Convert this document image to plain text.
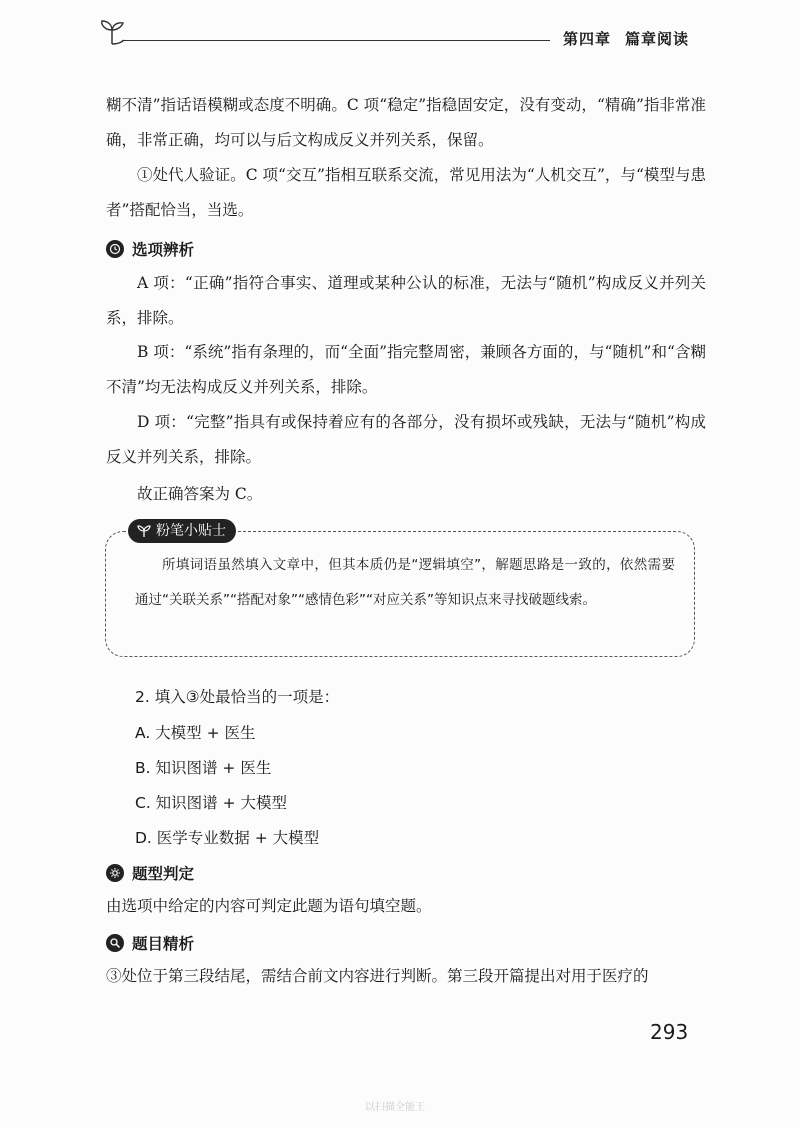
第四章 篇章阅读
糊不清”指话语模糊或态度不明确。C 项“稳定”指稳固安定，没有变动，“精确”指非常准确，非常正确，均可以与后文构成反义并列关系，保留。
①处代人验证。C 项“交互”指相互联系交流，常见用法为“人机交互”，与“模型与患者”搭配恰当，当选。
选项辨析
A 项：“正确”指符合事实、道理或某种公认的标准，无法与“随机”构成反义并列关系，排除。
B 项：“系统”指有条理的，而“全面”指完整周密，兼顾各方面的，与“随机”和“含糊不清”均无法构成反义并列关系，排除。
D 项：“完整”指具有或保持着应有的各部分，没有损坏或残缺，无法与“随机”构成反义并列关系，排除。
故正确答案为 C。
粉笔小贴士
所填词语虽然填入文章中，但其本质仍是“逻辑填空”，解题思路是一致的，依然需要通过“关联关系”“搭配对象”“感情色彩”“对应关系”等知识点来寻找破题线索。
2. 填入③处最恰当的一项是：
A. 大模型 + 医生
B. 知识图谱 + 医生
C. 知识图谱 + 大模型
D. 医学专业数据 + 大模型
题型判定
由选项中给定的内容可判定此题为语句填空题。
题目精析
③处位于第三段结尾，需结合前文内容进行判断。第三段开篇提出对用于医疗的
293
以扫描全能王
